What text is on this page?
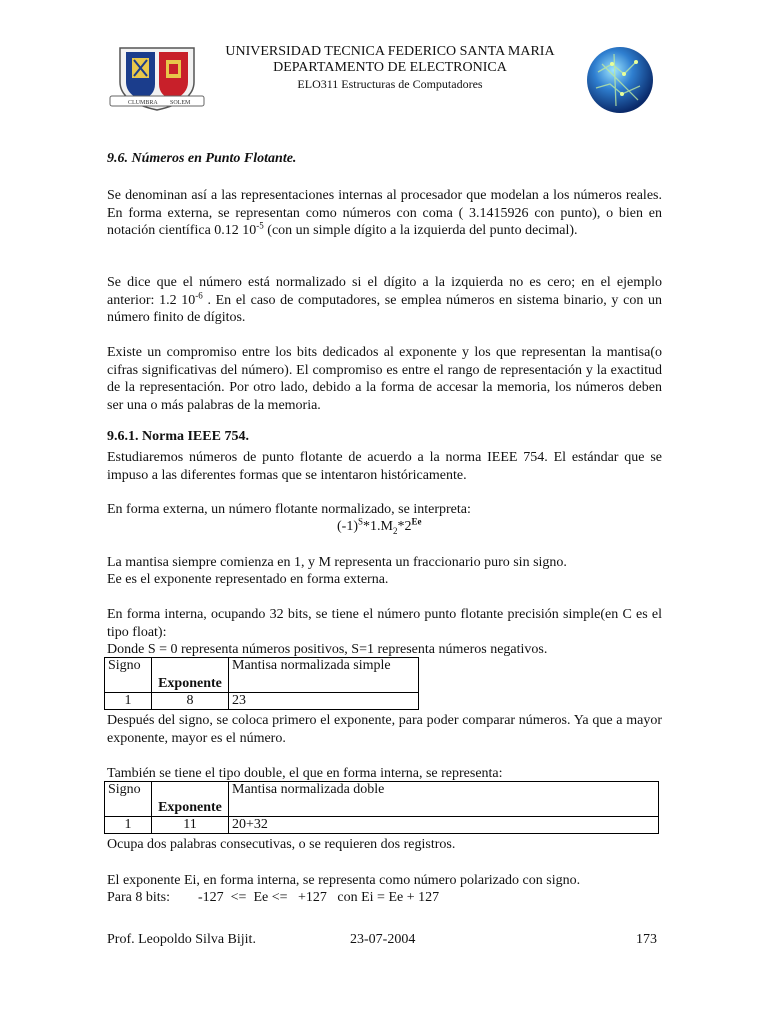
CLUMBRA SOLEM
UNIVERSIDAD TECNICA FEDERICO SANTA MARIA
DEPARTAMENTO DE ELECTRONICA
ELO311 Estructuras de Computadores
9.6. Números en Punto Flotante.
Se denominan así a las representaciones internas al procesador que modelan a los números reales. En forma externa, se representan como números con coma ( 3.1415926 con punto), o bien en notación científica 0.12 $10^{-5}$ (con un simple dígito a la izquierda del punto decimal).
Se dice que el número está normalizado si el dígito a la izquierda no es cero; en el ejemplo anterior: 1.2 $10^{-6}$ . En el caso de computadores, se emplea números en sistema binario, y con un número finito de dígitos.
Existe un compromiso entre los bits dedicados al exponente y los que representan la mantisa(o cifras significativas del número). El compromiso es entre el rango de representación y la exactitud de la representación. Por otro lado, debido a la forma de accesar la memoria, los números deben ser una o más palabras de la memoria.
9.6.1. Norma IEEE 754.
Estudiaremos números de punto flotante de acuerdo a la norma IEEE 754. El estándar que se impuso a las diferentes formas que se intentaron históricamente.
En forma externa, un número flotante normalizado, se interpreta:
$(-1)^S*1.M_2*2^{Ee}$
La mantisa siempre comienza en 1, y M representa un fraccionario puro sin signo.
Ee es el exponente representado en forma externa.
En forma interna, ocupando 32 bits, se tiene el número punto flotante precisión simple(en C es el tipo float):
Donde S = 0 representa números positivos, S=1 representa números negativos.
Signo	Exponente	Mantisa normalizada simple
1	8	23
Después del signo, se coloca primero el exponente, para poder comparar números. Ya que a mayor exponente, mayor es el número.
También se tiene el tipo double, el que en forma interna, se representa:
Signo	Exponente	Mantisa normalizada doble
1	11	20+32
Ocupa dos palabras consecutivas, o se requieren dos registros.
El exponente Ei, en forma interna, se representa como número polarizado con signo.
Para 8 bits:        -127  <=  Ee <=   +127   con Ei = Ee + 127
Prof. Leopoldo Silva Bijit.	23-07-2004	173
